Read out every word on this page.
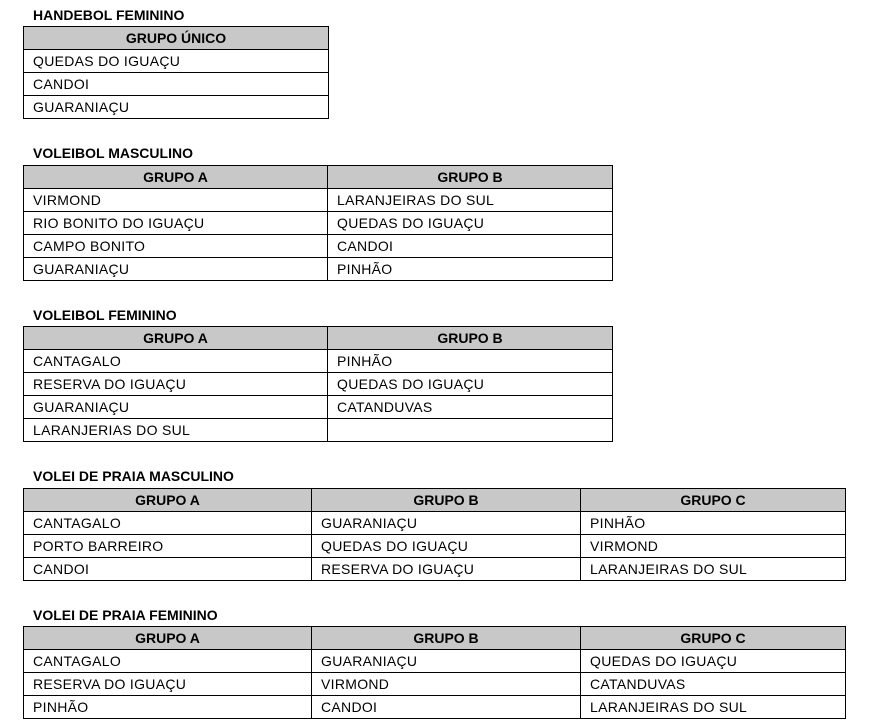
HANDEBOL FEMININO
GRUPO ÚNICO
QUEDAS DO IGUAÇU
CANDOI
GUARANIAÇU
VOLEIBOL MASCULINO
GRUPO A	GRUPO B
VIRMOND	LARANJEIRAS DO SUL
RIO BONITO DO IGUAÇU	QUEDAS DO IGUAÇU
CAMPO BONITO	CANDOI
GUARANIAÇU	PINHÃO
VOLEIBOL FEMININO
GRUPO A	GRUPO B
CANTAGALO	PINHÃO
RESERVA DO IGUAÇU	QUEDAS DO IGUAÇU
GUARANIAÇU	CATANDUVAS
LARANJERIAS DO SUL	
VOLEI DE PRAIA MASCULINO
GRUPO A	GRUPO B	GRUPO C
CANTAGALO	GUARANIAÇU	PINHÃO
PORTO BARREIRO	QUEDAS DO IGUAÇU	VIRMOND
CANDOI	RESERVA DO IGUAÇU	LARANJEIRAS DO SUL
VOLEI DE PRAIA FEMININO
GRUPO A	GRUPO B	GRUPO C
CANTAGALO	GUARANIAÇU	QUEDAS DO IGUAÇU
RESERVA DO IGUAÇU	VIRMOND	CATANDUVAS
PINHÃO	CANDOI	LARANJEIRAS DO SUL
